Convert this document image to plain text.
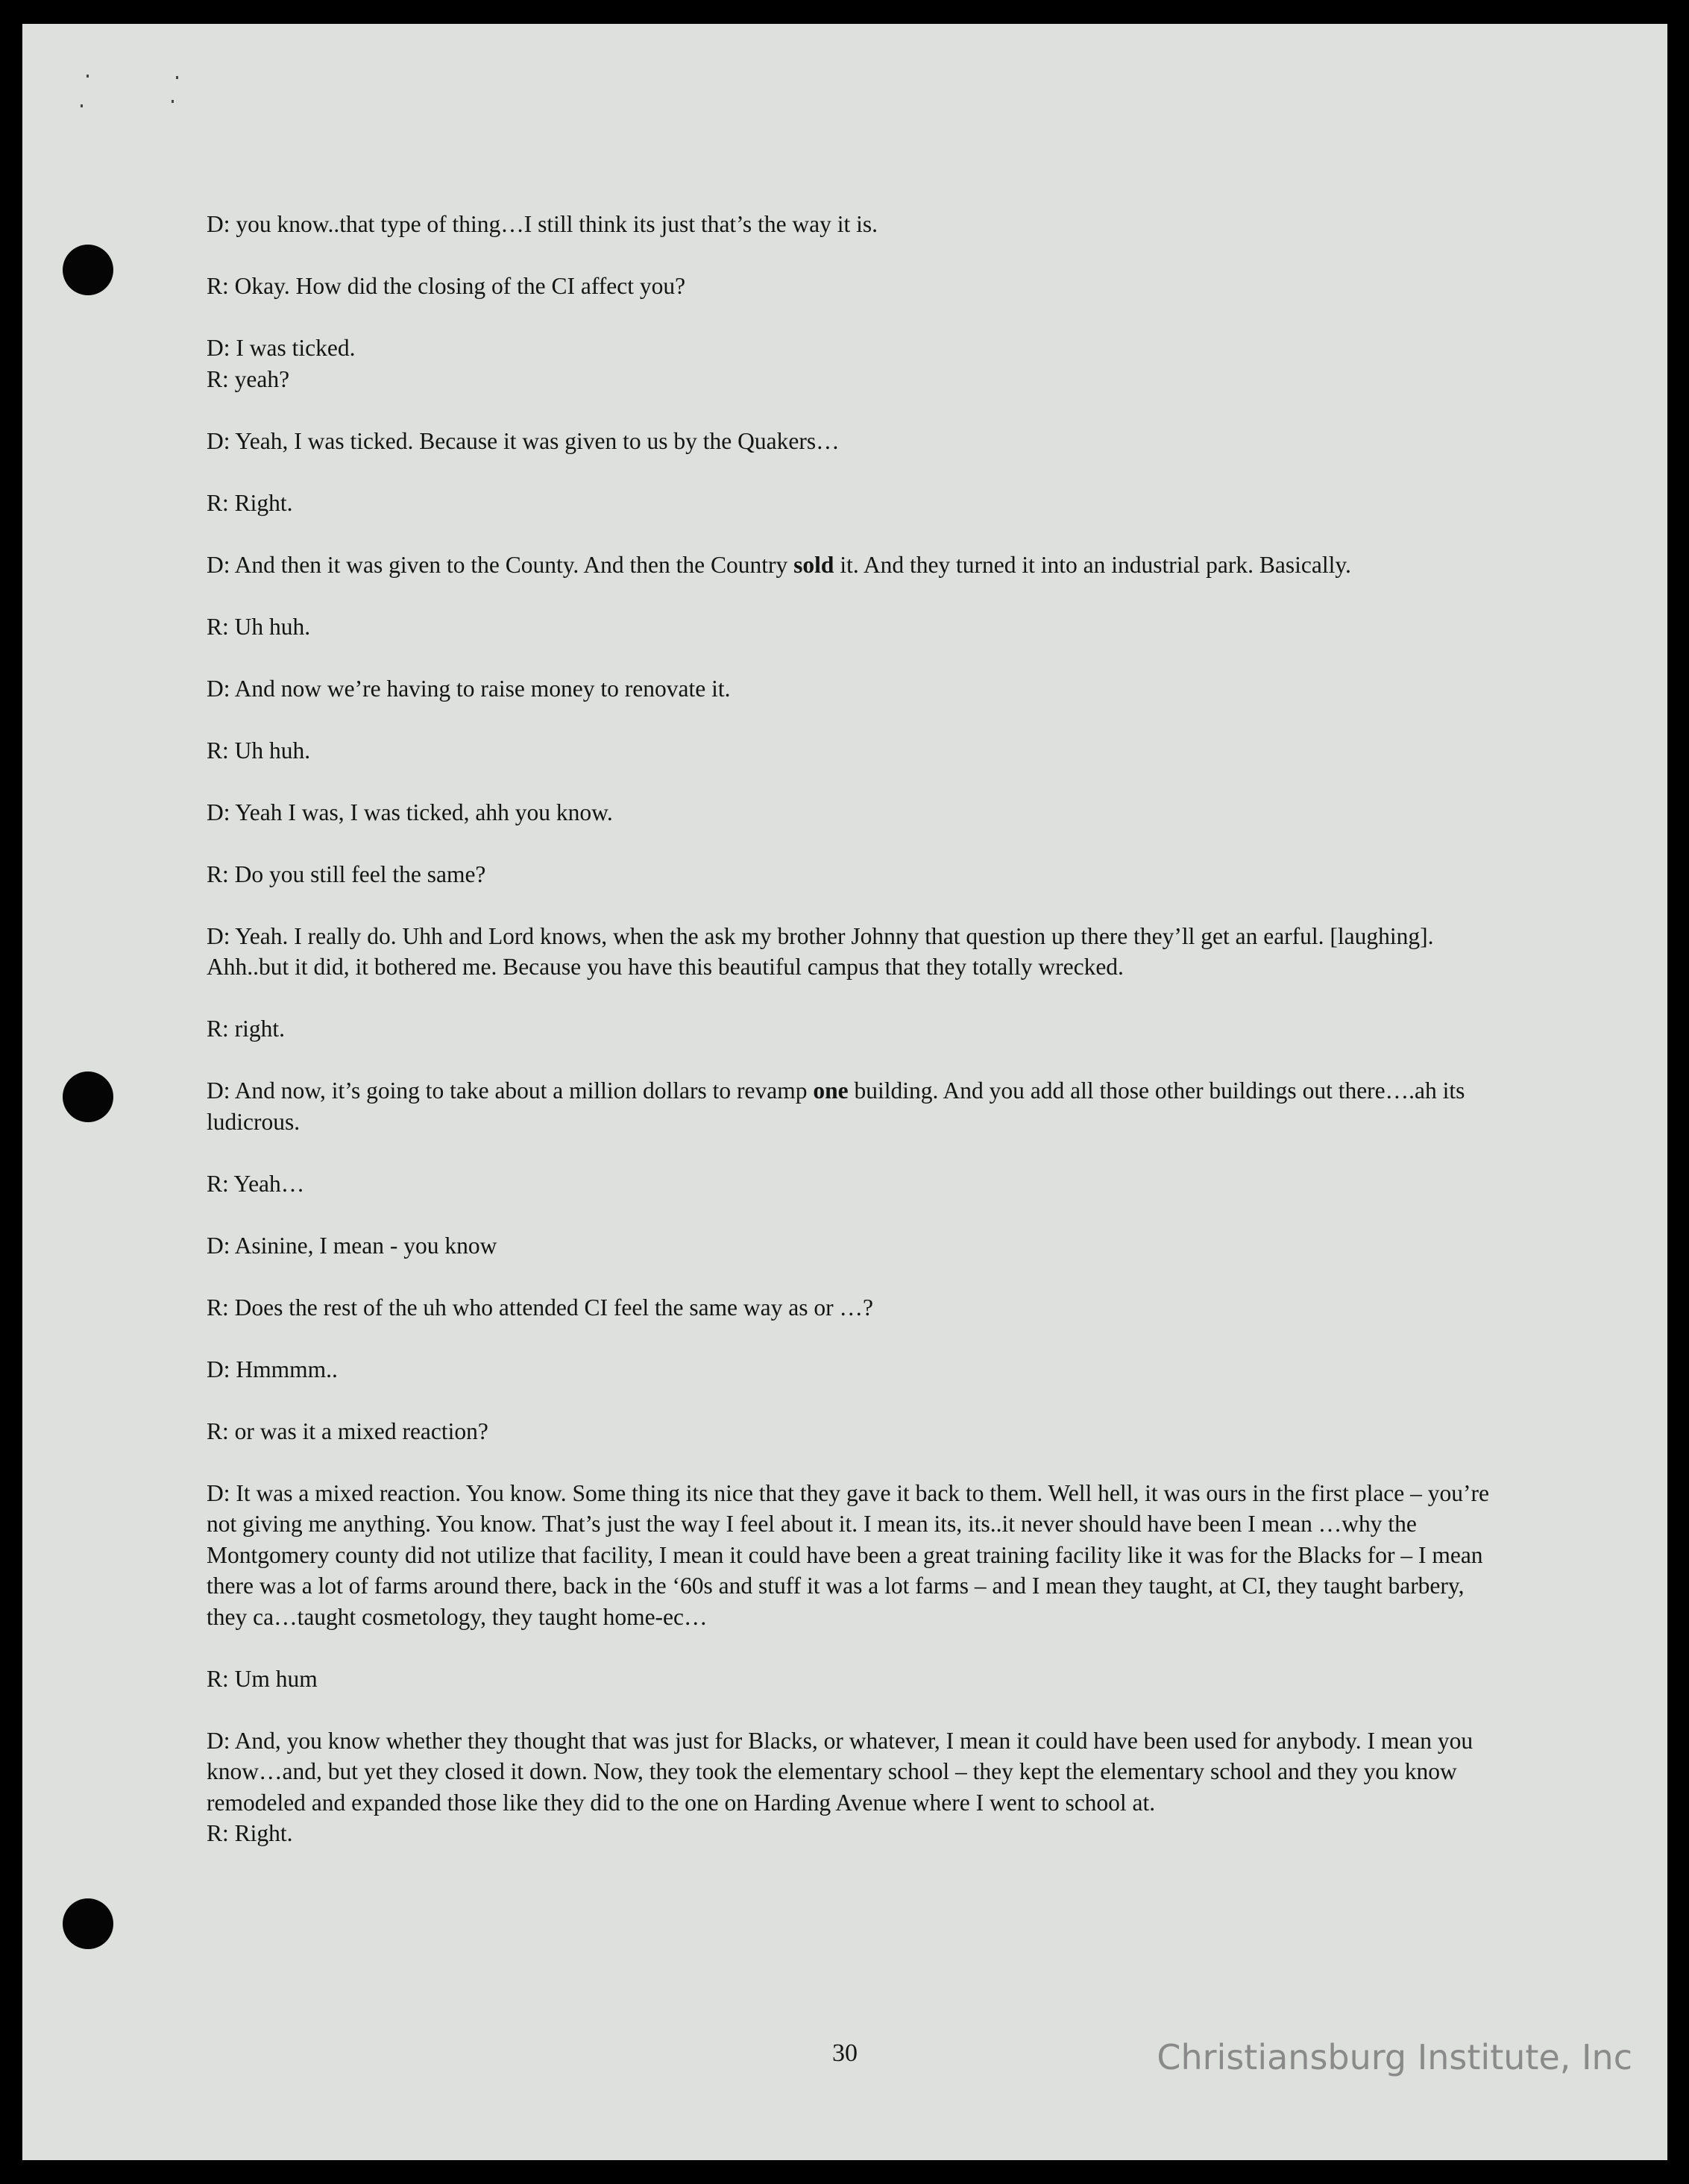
D: you know..that type of thing…I still think its just that’s the way it is.

R: Okay. How did the closing of the CI affect you?

D: I was ticked.

R: yeah?

D: Yeah, I was ticked. Because it was given to us by the Quakers…

R: Right.

D: And then it was given to the County. And then the Country sold it. And they turned it into an industrial park. Basically.

R: Uh huh.

D: And now we’re having to raise money to renovate it.

R: Uh huh.

D: Yeah I was, I was ticked, ahh you know.

R: Do you still feel the same?

D: Yeah. I really do. Uhh and Lord knows, when the ask my brother Johnny that question up there they’ll get an earful. [laughing]. Ahh..but it did, it bothered me. Because you have this beautiful campus that they totally wrecked.

R: right.

D: And now, it’s going to take about a million dollars to revamp one building. And you add all those other buildings out there….ah its ludicrous.

R: Yeah…

D: Asinine, I mean - you know

R: Does the rest of the uh who attended CI feel the same way as or …?

D: Hmmmm..

R: or was it a mixed reaction?

D: It was a mixed reaction. You know. Some thing its nice that they gave it back to them. Well hell, it was ours in the first place – you’re not giving me anything. You know. That’s just the way I feel about it. I mean its, its..it never should have been I mean …why the Montgomery county did not utilize that facility, I mean it could have been a great training facility like it was for the Blacks for – I mean there was a lot of farms around there, back in the ‘60s and stuff it was a lot farms – and I mean they taught, at CI, they taught barbery, they ca…taught cosmetology, they taught home-ec…

R: Um hum

D: And, you know whether they thought that was just for Blacks, or whatever, I mean it could have been used for anybody. I mean you know…and, but yet they closed it down. Now, they took the elementary school – they kept the elementary school and they you know remodeled and expanded those like they did to the one on Harding Avenue where I went to school at.

R: Right.

30	Christiansburg Institute, Inc
